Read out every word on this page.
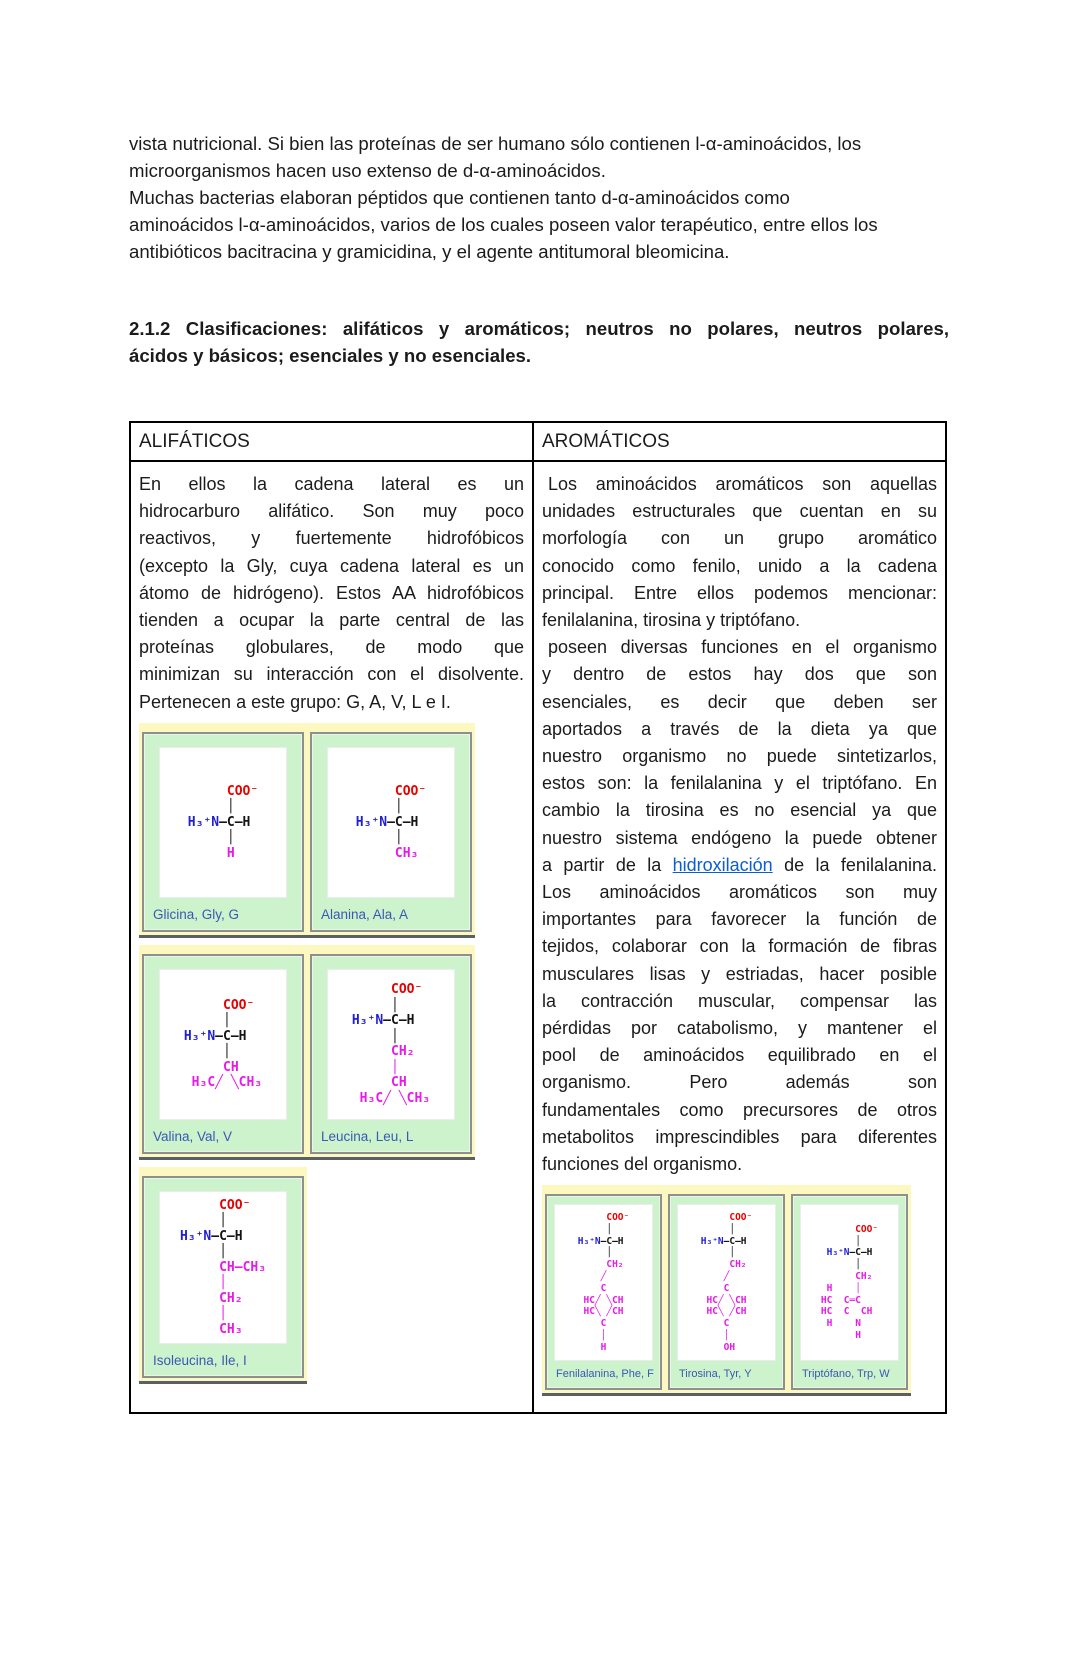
vista nutricional. Si bien las proteínas de ser humano sólo contienen l-α-aminoácidos, los
microorganismos hacen uso extenso de d-α-aminoácidos.
Muchas bacterias elaboran péptidos que contienen tanto d-α-aminoácidos como
aminoácidos l-α-aminoácidos, varios de los cuales poseen valor terapéutico, entre ellos los
antibióticos bacitracina y gramicidina, y el agente antitumoral bleomicina.
2.1.2 Clasificaciones: alifáticos y aromáticos; neutros no polares, neutros polares,
ácidos y básicos; esenciales y no esenciales.
ALIFÁTICOS	AROMÁTICOS
En ellos la cadena lateral es un
hidrocarburo alifático. Son muy poco
reactivos, y fuertemente hidrofóbicos
(excepto la Gly, cuya cadena lateral es un
átomo de hidrógeno). Estos AA hidrofóbicos
tienden a ocupar la parte central de las
proteínas globulares, de modo que
minimizan su interacción con el disolvente.
Pertenecen a este grupo: G, A, V, L e I.
COO⁻
│
H₃⁺N–C–H
│
H
Glicina, Gly, G
COO⁻
│
H₃⁺N–C–H
│
CH₃
Alanina, Ala, A
COO⁻
│
H₃⁺N–C–H
│
CH
H₃C╱ ╲CH₃
Valina, Val, V
COO⁻
│
H₃⁺N–C–H
│
CH₂
│
CH
H₃C╱ ╲CH₃
Leucina, Leu, L
COO⁻
│
H₃⁺N–C–H
│
CH–CH₃
│
CH₂
│
CH₃
Isoleucina, Ile, I
Los aminoácidos aromáticos son aquellas
unidades estructurales que cuentan en su
morfología con un grupo aromático
conocido como fenilo, unido a la cadena
principal. Entre ellos podemos mencionar:
fenilalanina, tirosina y triptófano.
poseen diversas funciones en el organismo
y dentro de estos hay dos que son
esenciales, es decir que deben ser
aportados a través de la dieta ya que
nuestro organismo no puede sintetizarlos,
estos son: la fenilalanina y el triptófano. En
cambio la tirosina es no esencial ya que
nuestro sistema endógeno la puede obtener
a partir de la hidroxilación de la fenilalanina.
Los aminoácidos aromáticos son muy
importantes para favorecer la función de
tejidos, colaborar con la formación de fibras
musculares lisas y estriadas, hacer posible
la contracción muscular, compensar las
pérdidas por catabolismo, y mantener el
pool de aminoácidos equilibrado en el
organismo. Pero además son
fundamentales como precursores de otros
metabolitos imprescindibles para diferentes
funciones del organismo.
COO⁻
│
H₃⁺N–C–H
│
CH₂
╱
C
HC╱ ╲CH
HC╲ ╱CH
C
│
H
Fenilalanina, Phe, F
COO⁻
│
H₃⁺N–C–H
│
CH₂
╱
C
HC╱ ╲CH
HC╲ ╱CH
C
│
OH
Tirosina, Tyr, Y
COO⁻
│
H₃⁺N–C–H
│
CH₂
H    │
HC  C═C
HC  C  CH
H    N
H
Triptófano, Trp, W
